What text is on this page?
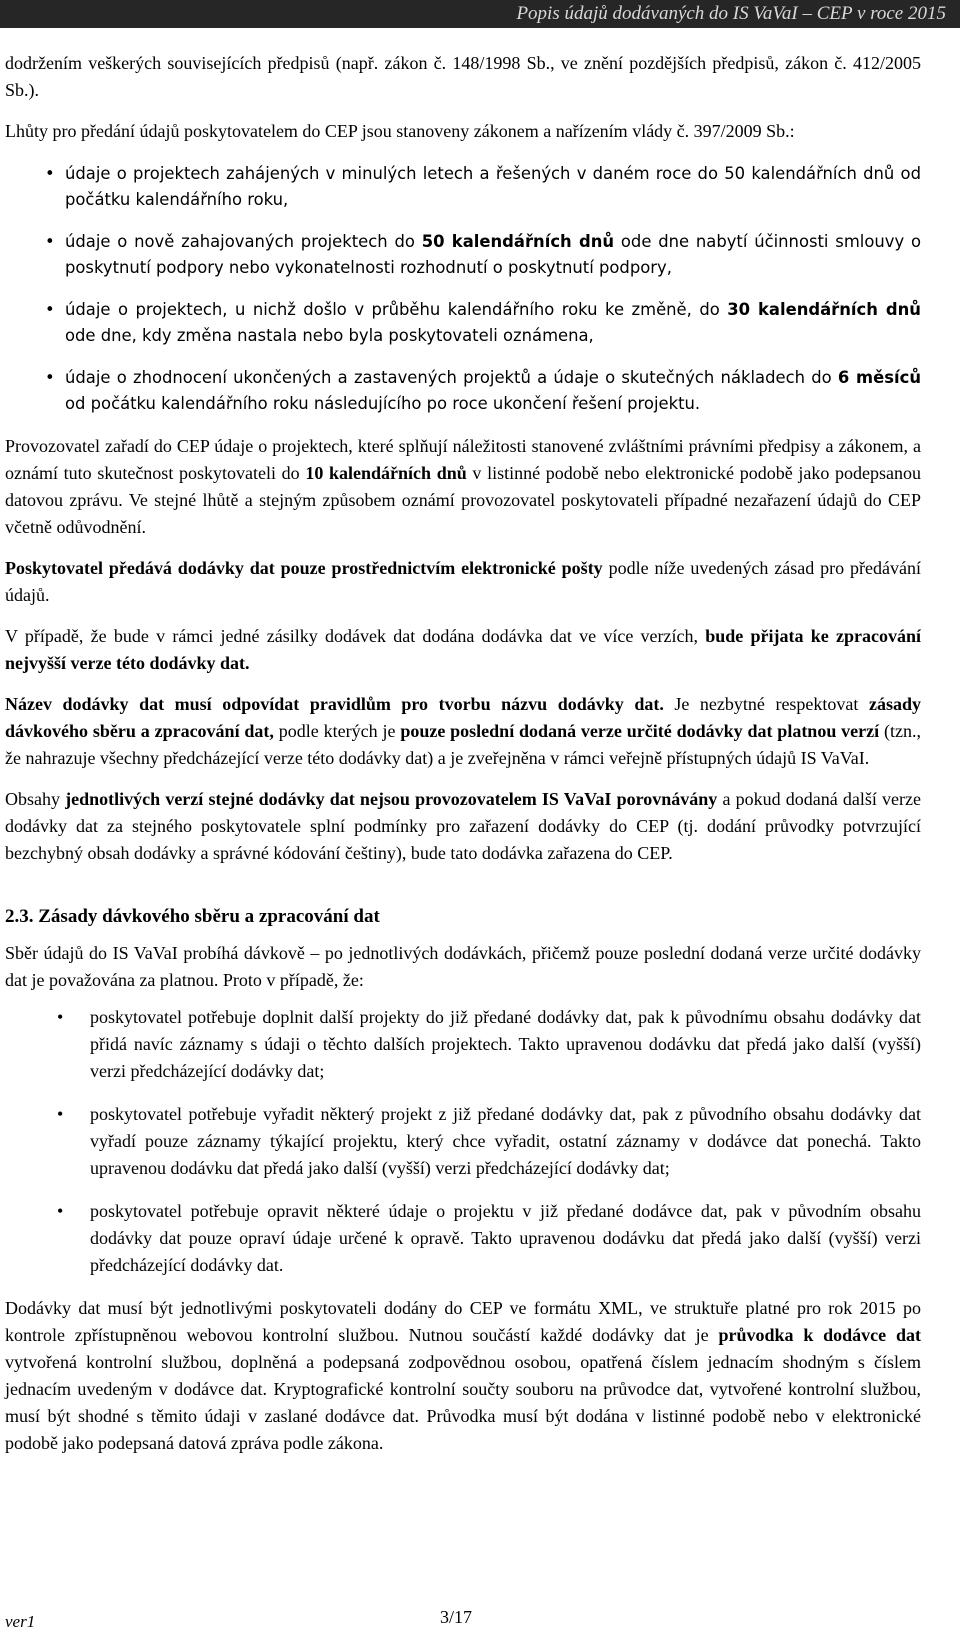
Popis údajů dodávaných do IS VaVaI – CEP v roce 2015

dodržením veškerých souvisejících předpisů (např. zákon č. 148/1998 Sb., ve znění pozdějších předpisů, zákon č. 412/2005 Sb.).

Lhůty pro předání údajů poskytovatelem do CEP jsou stanoveny zákonem a nařízením vlády č. 397/2009 Sb.:

• údaje o projektech zahájených v minulých letech a řešených v daném roce do 50 kalendářních dnů od počátku kalendářního roku,

• údaje o nově zahajovaných projektech do 50 kalendářních dnů ode dne nabytí účinnosti smlouvy o poskytnutí podpory nebo vykonatelnosti rozhodnutí o poskytnutí podpory,

• údaje o projektech, u nichž došlo v průběhu kalendářního roku ke změně, do 30 kalendářních dnů ode dne, kdy změna nastala nebo byla poskytovateli oznámena,

• údaje o zhodnocení ukončených a zastavených projektů a údaje o skutečných nákladech do 6 měsíců od počátku kalendářního roku následujícího po roce ukončení řešení projektu.

Provozovatel zařadí do CEP údaje o projektech, které splňují náležitosti stanovené zvláštními právními předpisy a zákonem, a oznámí tuto skutečnost poskytovateli do 10 kalendářních dnů v listinné podobě nebo elektronické podobě jako podepsanou datovou zprávu. Ve stejné lhůtě a stejným způsobem oznámí provozovatel poskytovateli případné nezařazení údajů do CEP včetně odůvodnění.

Poskytovatel předává dodávky dat pouze prostřednictvím elektronické pošty podle níže uvedených zásad pro předávání údajů.

V případě, že bude v rámci jedné zásilky dodávek dat dodána dodávka dat ve více verzích, bude přijata ke zpracování nejvyšší verze této dodávky dat.

Název dodávky dat musí odpovídat pravidlům pro tvorbu názvu dodávky dat. Je nezbytné respektovat zásady dávkového sběru a zpracování dat, podle kterých je pouze poslední dodaná verze určité dodávky dat platnou verzí (tzn., že nahrazuje všechny předcházející verze této dodávky dat) a je zveřejněna v rámci veřejně přístupných údajů IS VaVaI.

Obsahy jednotlivých verzí stejné dodávky dat nejsou provozovatelem IS VaVaI porovnávány a pokud dodaná další verze dodávky dat za stejného poskytovatele splní podmínky pro zařazení dodávky do CEP (tj. dodání průvodky potvrzující bezchybný obsah dodávky a správné kódování češtiny), bude tato dodávka zařazena do CEP.

2.3. Zásady dávkového sběru a zpracování dat

Sběr údajů do IS VaVaI probíhá dávkově – po jednotlivých dodávkách, přičemž pouze poslední dodaná verze určité dodávky dat je považována za platnou. Proto v případě, že:

• poskytovatel potřebuje doplnit další projekty do již předané dodávky dat, pak k původnímu obsahu dodávky dat přidá navíc záznamy s údaji o těchto dalších projektech. Takto upravenou dodávku dat předá jako další (vyšší) verzi předcházející dodávky dat;

• poskytovatel potřebuje vyřadit některý projekt z již předané dodávky dat, pak z původního obsahu dodávky dat vyřadí pouze záznamy týkající projektu, který chce vyřadit, ostatní záznamy v dodávce dat ponechá. Takto upravenou dodávku dat předá jako další (vyšší) verzi předcházející dodávky dat;

• poskytovatel potřebuje opravit některé údaje o projektu v již předané dodávce dat, pak v původním obsahu dodávky dat pouze opraví údaje určené k opravě. Takto upravenou dodávku dat předá jako další (vyšší) verzi předcházející dodávky dat.

Dodávky dat musí být jednotlivými poskytovateli dodány do CEP ve formátu XML, ve struktuře platné pro rok 2015 po kontrole zpřístupněnou webovou kontrolní službou. Nutnou součástí každé dodávky dat je průvodka k dodávce dat vytvořená kontrolní službou, doplněná a podepsaná zodpovědnou osobou, opatřená číslem jednacím shodným s číslem jednacím uvedeným v dodávce dat. Kryptografické kontrolní součty souboru na průvodce dat, vytvořené kontrolní službou, musí být shodné s těmito údaji v zaslané dodávce dat. Průvodka musí být dodána v listinné podobě nebo v elektronické podobě jako podepsaná datová zpráva podle zákona.

ver1	3/17
